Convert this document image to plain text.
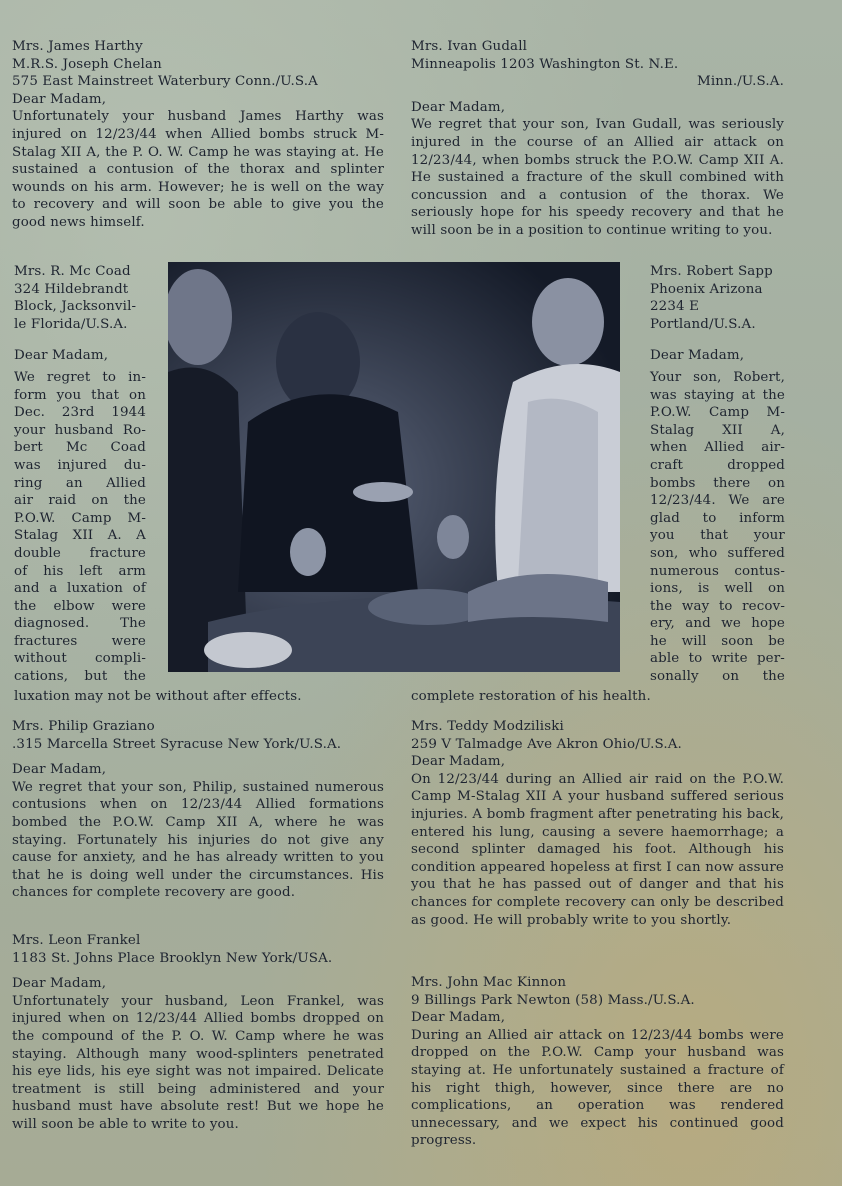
Mrs. James Harthy

M.R.S. Joseph Chelan

575 East Mainstreet Waterbury Conn./U.S.A

Dear Madam,

Unfortunately your husband James Harthy was injured on 12/23/44 when Allied bombs struck M-Stalag XII A, the P. O. W. Camp he was staying at. He sustained a contusion of the thorax and splinter wounds on his arm. However; he is well on the way to recovery and will soon be able to give you the good news himself.

Mrs. Ivan Gudall

Minneapolis 1203 Washington St. N.E.

Minn./U.S.A.

Dear Madam,

We regret that your son, Ivan Gudall, was seriously injured in the course of an Allied air attack on 12/23/44, when bombs struck the P.O.W. Camp XII A. He sustained a fracture of the skull combined with concussion and a contusion of the thorax. We seriously hope for his speedy recovery and that he will soon be in a position to continue writing to you.

Mrs. R. Mc Coad

324 Hildebrandt

Block, Jacksonvil-

le Florida/U.S.A.

Dear Madam,

We regret to in-
form you that on
Dec. 23rd 1944
your husband Ro-
bert Mc Coad
was injured du-
ring an Allied
air raid on the
P.O.W. Camp M-
Stalag XII A. A
double fracture
of his left arm
and a luxation of
the elbow were
diagnosed. The
fractures were
without compli-
cations, but the
luxation may not be without after effects.

Mrs. Robert Sapp

Phoenix Arizona

2234 E

Portland/U.S.A.

Dear Madam,

Your son, Robert,
was staying at the
P.O.W. Camp M-
Stalag XII A,
when Allied air-
craft dropped
bombs there on
12/23/44. We are
glad to inform
you that your
son, who suffered
numerous contus-
ions, is well on
the way to recov-
ery, and we hope
he will soon be
able to write per-
sonally on the
complete restoration of his health.

Mrs. Philip Graziano

.315 Marcella Street Syracuse New York/U.S.A.

Dear Madam,

We regret that your son, Philip, sustained numerous contusions when on 12/23/44 Allied formations bombed the P.O.W. Camp XII A, where he was staying. Fortunately his injuries do not give any cause for anxiety, and he has already written to you that he is doing well under the circumstances. His chances for complete recovery are good.

Mrs. Teddy Modziliski

259 V Talmadge Ave Akron Ohio/U.S.A.

Dear Madam,

On 12/23/44 during an Allied air raid on the P.O.W. Camp M-Stalag XII A your husband suffered serious injuries. A bomb fragment after penetrating his back, entered his lung, causing a severe haemorrhage; a second splinter damaged his foot. Although his condition appeared hopeless at first I can now assure you that he has passed out of danger and that his chances for complete recovery can only be described as good. He will probably write to you shortly.

Mrs. Leon Frankel

1183 St. Johns Place Brooklyn New York/USA.

Dear Madam,

Unfortunately your husband, Leon Frankel, was injured when on 12/23/44 Allied bombs dropped on the compound of the P. O. W. Camp where he was staying. Although many wood-splinters penetrated his eye lids, his eye sight was not impaired. Delicate treatment is still being administered and your husband must have absolute rest! But we hope he will soon be able to write to you.

Mrs. John Mac Kinnon

9 Billings Park Newton (58) Mass./U.S.A.

Dear Madam,

During an Allied air attack on 12/23/44 bombs were dropped on the P.O.W. Camp your husband was staying at. He unfortunately sustained a fracture of his right thigh, however, since there are no complications, an operation was rendered unnecessary, and we expect his continued good progress.
